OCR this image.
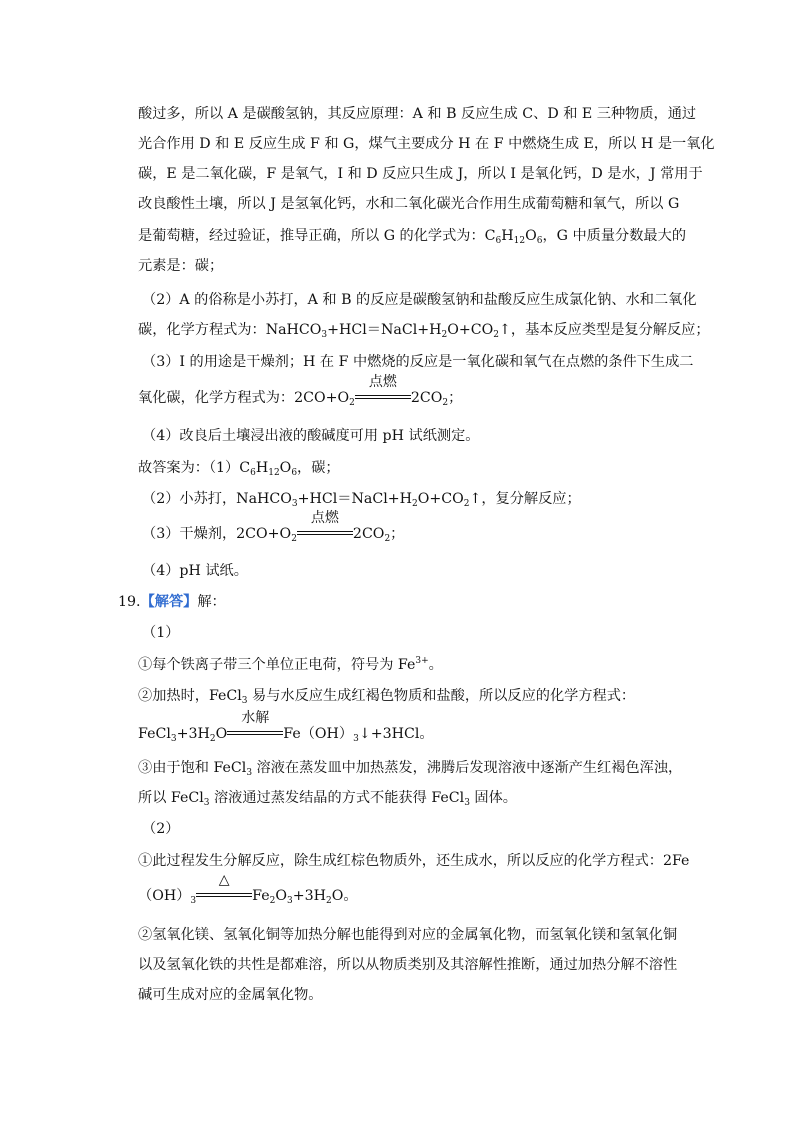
酸过多，所以 A 是碳酸氢钠，其反应原理：A 和 B 反应生成 C、D 和 E 三种物质，通过
光合作用 D 和 E 反应生成 F 和 G，煤气主要成分 H 在 F 中燃烧生成 E，所以 H 是一氧化
碳，E 是二氧化碳，F 是氧气，I 和 D 反应只生成 J，所以 I 是氧化钙，D 是水，J 常用于
改良酸性土壤，所以 J 是氢氧化钙，水和二氧化碳光合作用生成葡萄糖和氧气，所以 G
是葡萄糖，经过验证，推导正确，所以 G 的化学式为：$C_6H_{12}O_6$，G 中质量分数最大的
元素是：碳；
（2）A 的俗称是小苏打，A 和 B 的反应是碳酸氢钠和盐酸反应生成氯化钠、水和二氧化
碳，化学方程式为：$NaHCO_3+HCl=NaCl+H_2O+CO_2↑$，基本反应类型是复分解反应；
（3）I 的用途是干燥剂；H 在 F 中燃烧的反应是一氧化碳和氧气在点燃的条件下生成二
氧化碳，化学方程式为：$2CO+O_2$
点燃
$2CO_2$；
（4）改良后土壤浸出液的酸碱度可用 pH 试纸测定。
故答案为：$(1)C_6H_{12}O_6$，碳；
（2）小苏打，$NaHCO_3+HCl=NaCl+H_2O+CO_2↑$，复分解反应；
（3）干燥剂，$2CO+O_2$
点燃
$2CO_2$；
（4）pH 试纸。
19.【解答】解：
（1）
①每个铁离子带三个单位正电荷，符号为 $Fe^{3+}$。
②加热时，FeCl$_3$ 易与水反应生成红褐色物质和盐酸，所以反应的化学方程式：
$FeCl_3+3H_2O$
水解
$Fe(OH)_3↓+3HCl$。
③由于饱和 FeCl$_3$ 溶液在蒸发皿中加热蒸发，沸腾后发现溶液中逐渐产生红褐色浑浊，
所以 FeCl$_3$ 溶液通过蒸发结晶的方式不能获得 FeCl$_3$ 固体。
（2）
①此过程发生分解反应，除生成红棕色物质外，还生成水，所以反应的化学方程式：2Fe
$(OH)_3$
△
$Fe_2O_3+3H_2O$。
②氢氧化镁、氢氧化铜等加热分解也能得到对应的金属氧化物，而氢氧化镁和氢氧化铜
以及氢氧化铁的共性是都难溶，所以从物质类别及其溶解性推断，通过加热分解不溶性
碱可生成对应的金属氧化物。
